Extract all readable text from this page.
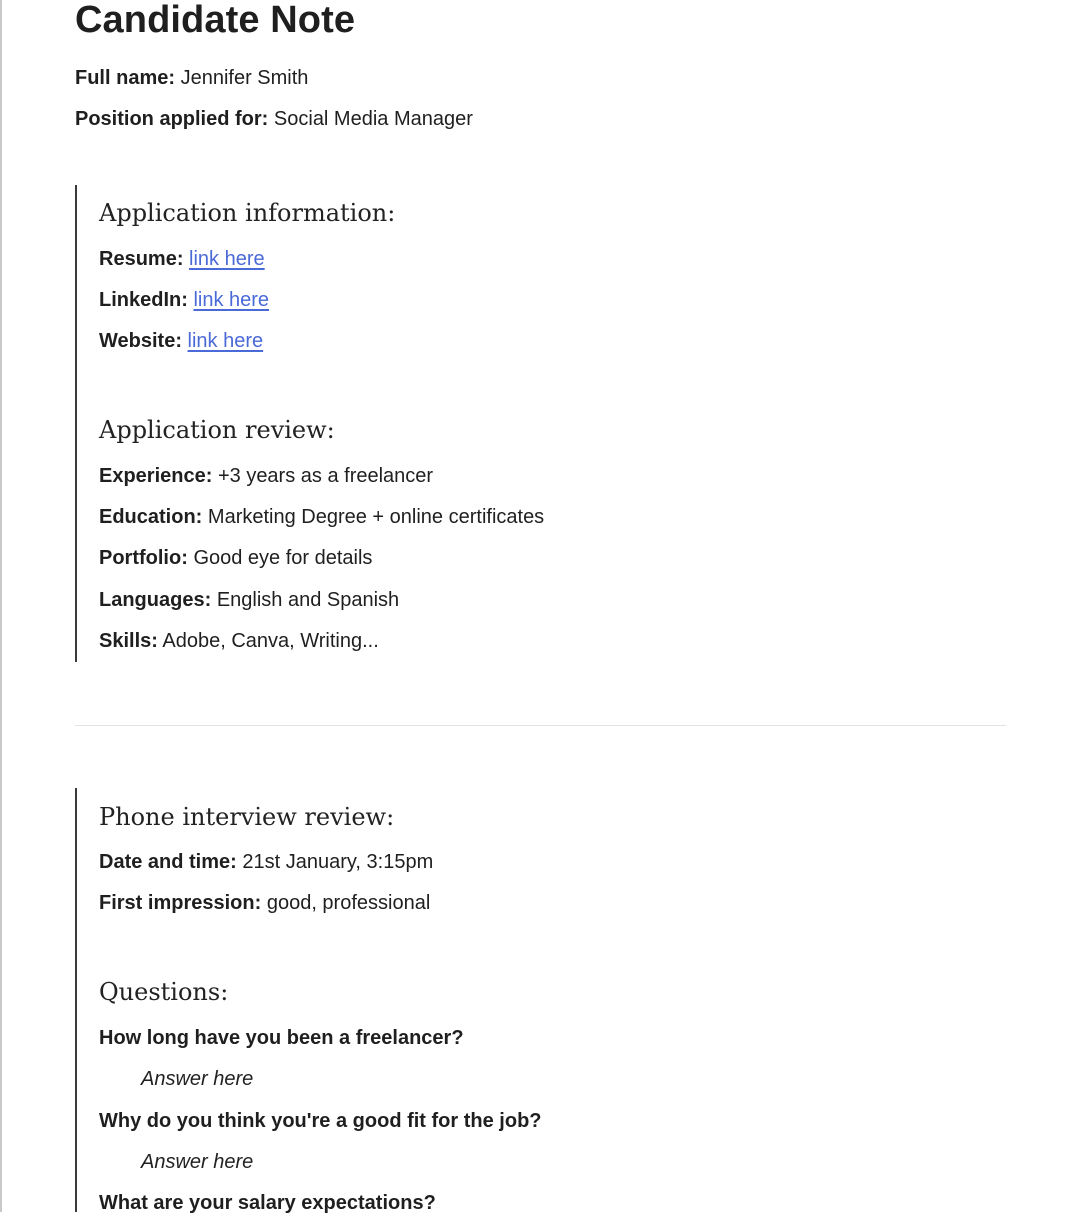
Candidate Note
Full name: Jennifer Smith
Position applied for: Social Media Manager
Application information:
Resume: link here
LinkedIn: link here
Website: link here
Application review:
Experience: +3 years as a freelancer
Education: Marketing Degree + online certificates
Portfolio: Good eye for details
Languages: English and Spanish
Skills: Adobe, Canva, Writing...
Phone interview review:
Date and time: 21st January, 3:15pm
First impression: good, professional
Questions:
How long have you been a freelancer?
Answer here
Why do you think you're a good fit for the job?
Answer here
What are your salary expectations?
